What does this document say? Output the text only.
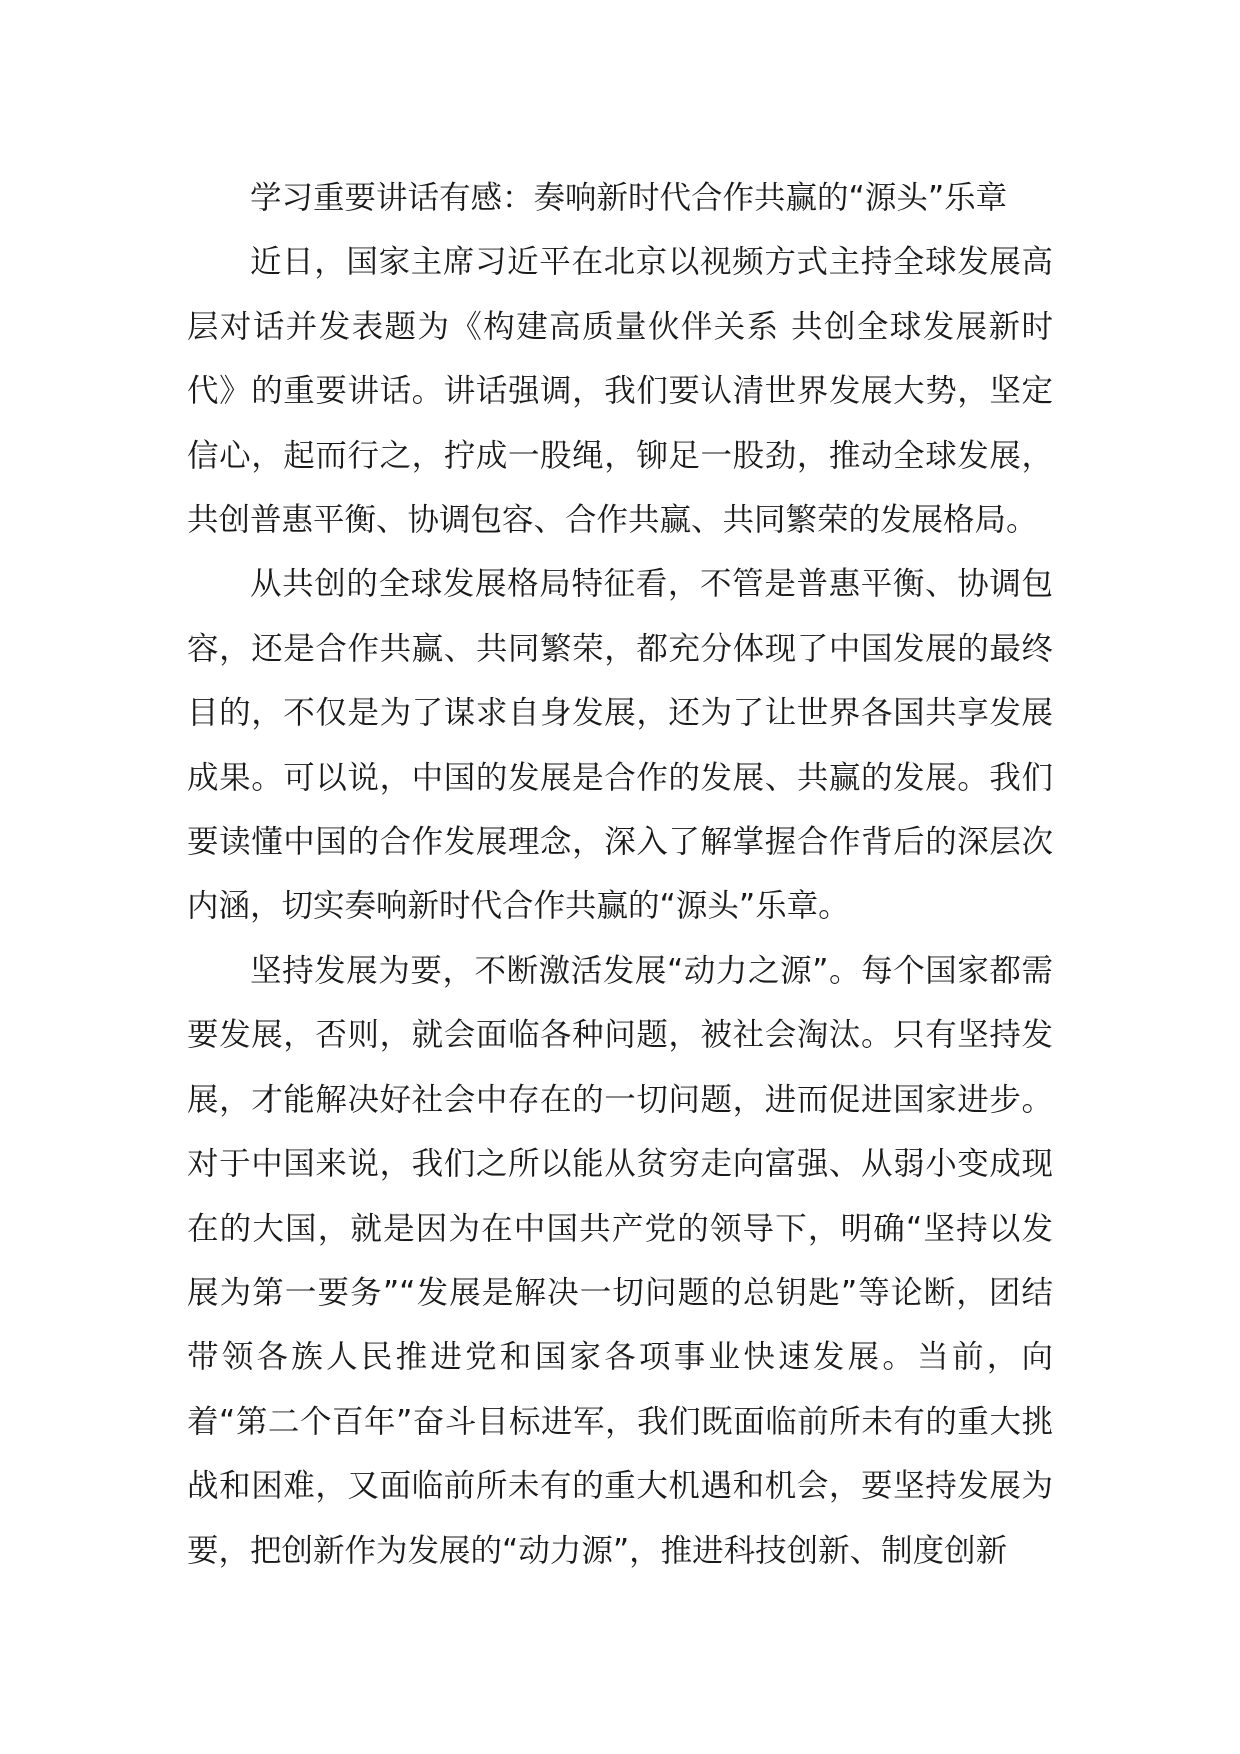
学习重要讲话有感：奏响新时代合作共赢的“源头”乐章

近日，国家主席习近平在北京以视频方式主持全球发展高层对话并发表题为《构建高质量伙伴关系 共创全球发展新时代》的重要讲话。讲话强调，我们要认清世界发展大势，坚定信心，起而行之，拧成一股绳，铆足一股劲，推动全球发展，共创普惠平衡、协调包容、合作共赢、共同繁荣的发展格局。

从共创的全球发展格局特征看，不管是普惠平衡、协调包容，还是合作共赢、共同繁荣，都充分体现了中国发展的最终目的，不仅是为了谋求自身发展，还为了让世界各国共享发展成果。可以说，中国的发展是合作的发展、共赢的发展。我们要读懂中国的合作发展理念，深入了解掌握合作背后的深层次内涵，切实奏响新时代合作共赢的“源头”乐章。

坚持发展为要，不断激活发展“动力之源”。每个国家都需要发展，否则，就会面临各种问题，被社会淘汰。只有坚持发展，才能解决好社会中存在的一切问题，进而促进国家进步。对于中国来说，我们之所以能从贫穷走向富强、从弱小变成现在的大国，就是因为在中国共产党的领导下，明确“坚持以发展为第一要务”“发展是解决一切问题的总钥匙”等论断，团结带领各族人民推进党和国家各项事业快速发展。当前，向着“第二个百年”奋斗目标进军，我们既面临前所未有的重大挑战和困难，又面临前所未有的重大机遇和机会，要坚持发展为要，把创新作为发展的“动力源”，推进科技创新、制度创新
